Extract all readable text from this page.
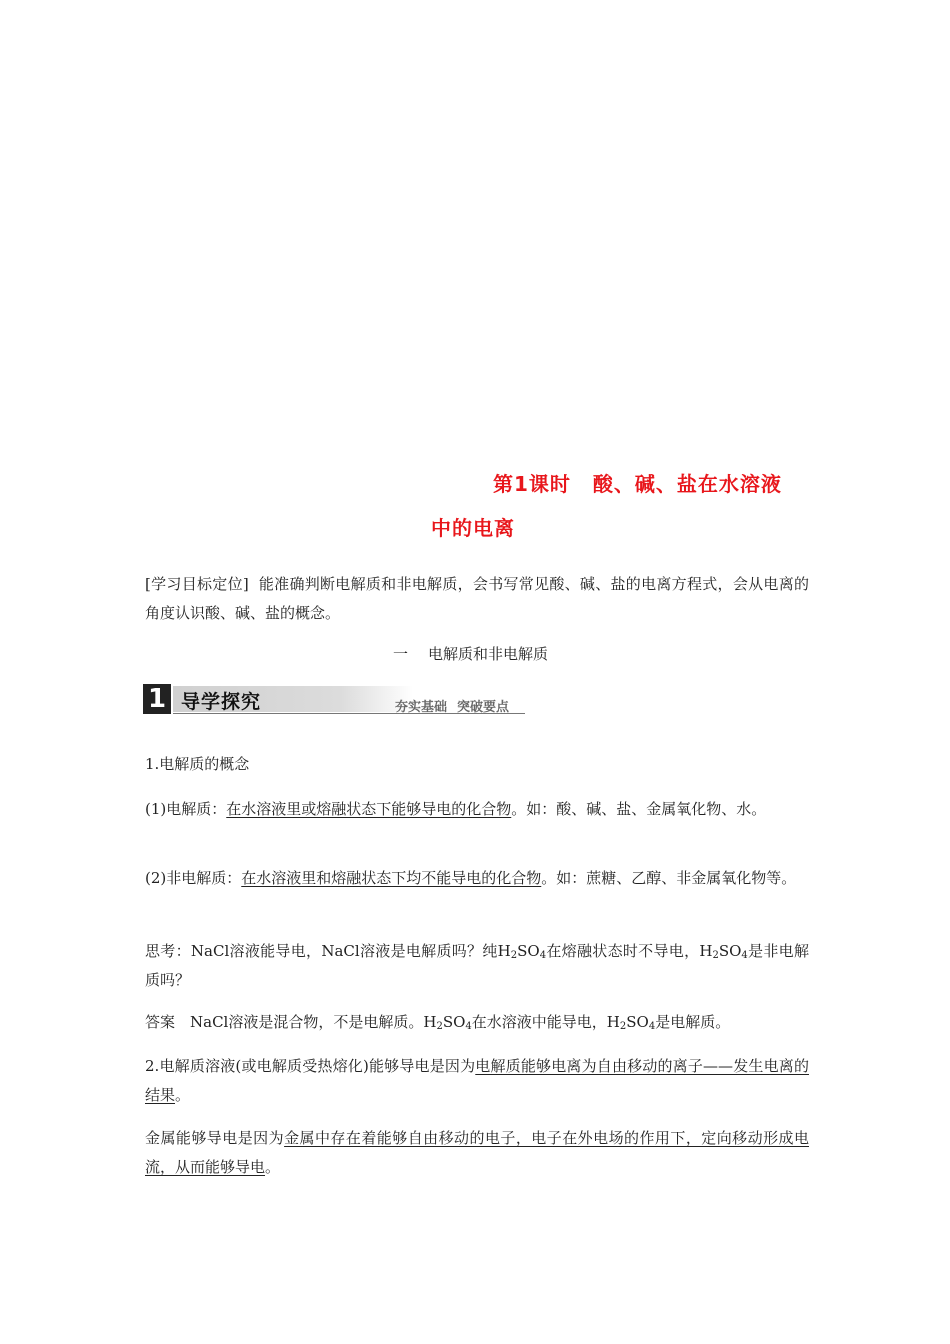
第1课时 酸、碱、盐在水溶液
中的电离
[学习目标定位] 能准确判断电解质和非电解质，会书写常见酸、碱、盐的电离方程式，会从电离的角度认识酸、碱、盐的概念。
一 电解质和非电解质
1 导学探究	夯实基础 突破要点
1.电解质的概念
(1)电解质：在水溶液里或熔融状态下能够导电的化合物。如：酸、碱、盐、金属氧化物、水。
(2)非电解质：在水溶液里和熔融状态下均不能导电的化合物。如：蔗糖、乙醇、非金属氧化物等。
思考：NaCl溶液能导电，NaCl溶液是电解质吗？纯$H_2SO_4$在熔融状态时不导电，$H_2SO_4$是非电解质吗？
答案　NaCl溶液是混合物，不是电解质。$H_2SO_4$在水溶液中能导电，$H_2SO_4$是电解质。
2.电解质溶液(或电解质受热熔化)能够导电是因为电解质能够电离为自由移动的离子——发生电离的结果。
金属能够导电是因为金属中存在着能够自由移动的电子，电子在外电场的作用下，定向移动形成电流，从而能够导电。
